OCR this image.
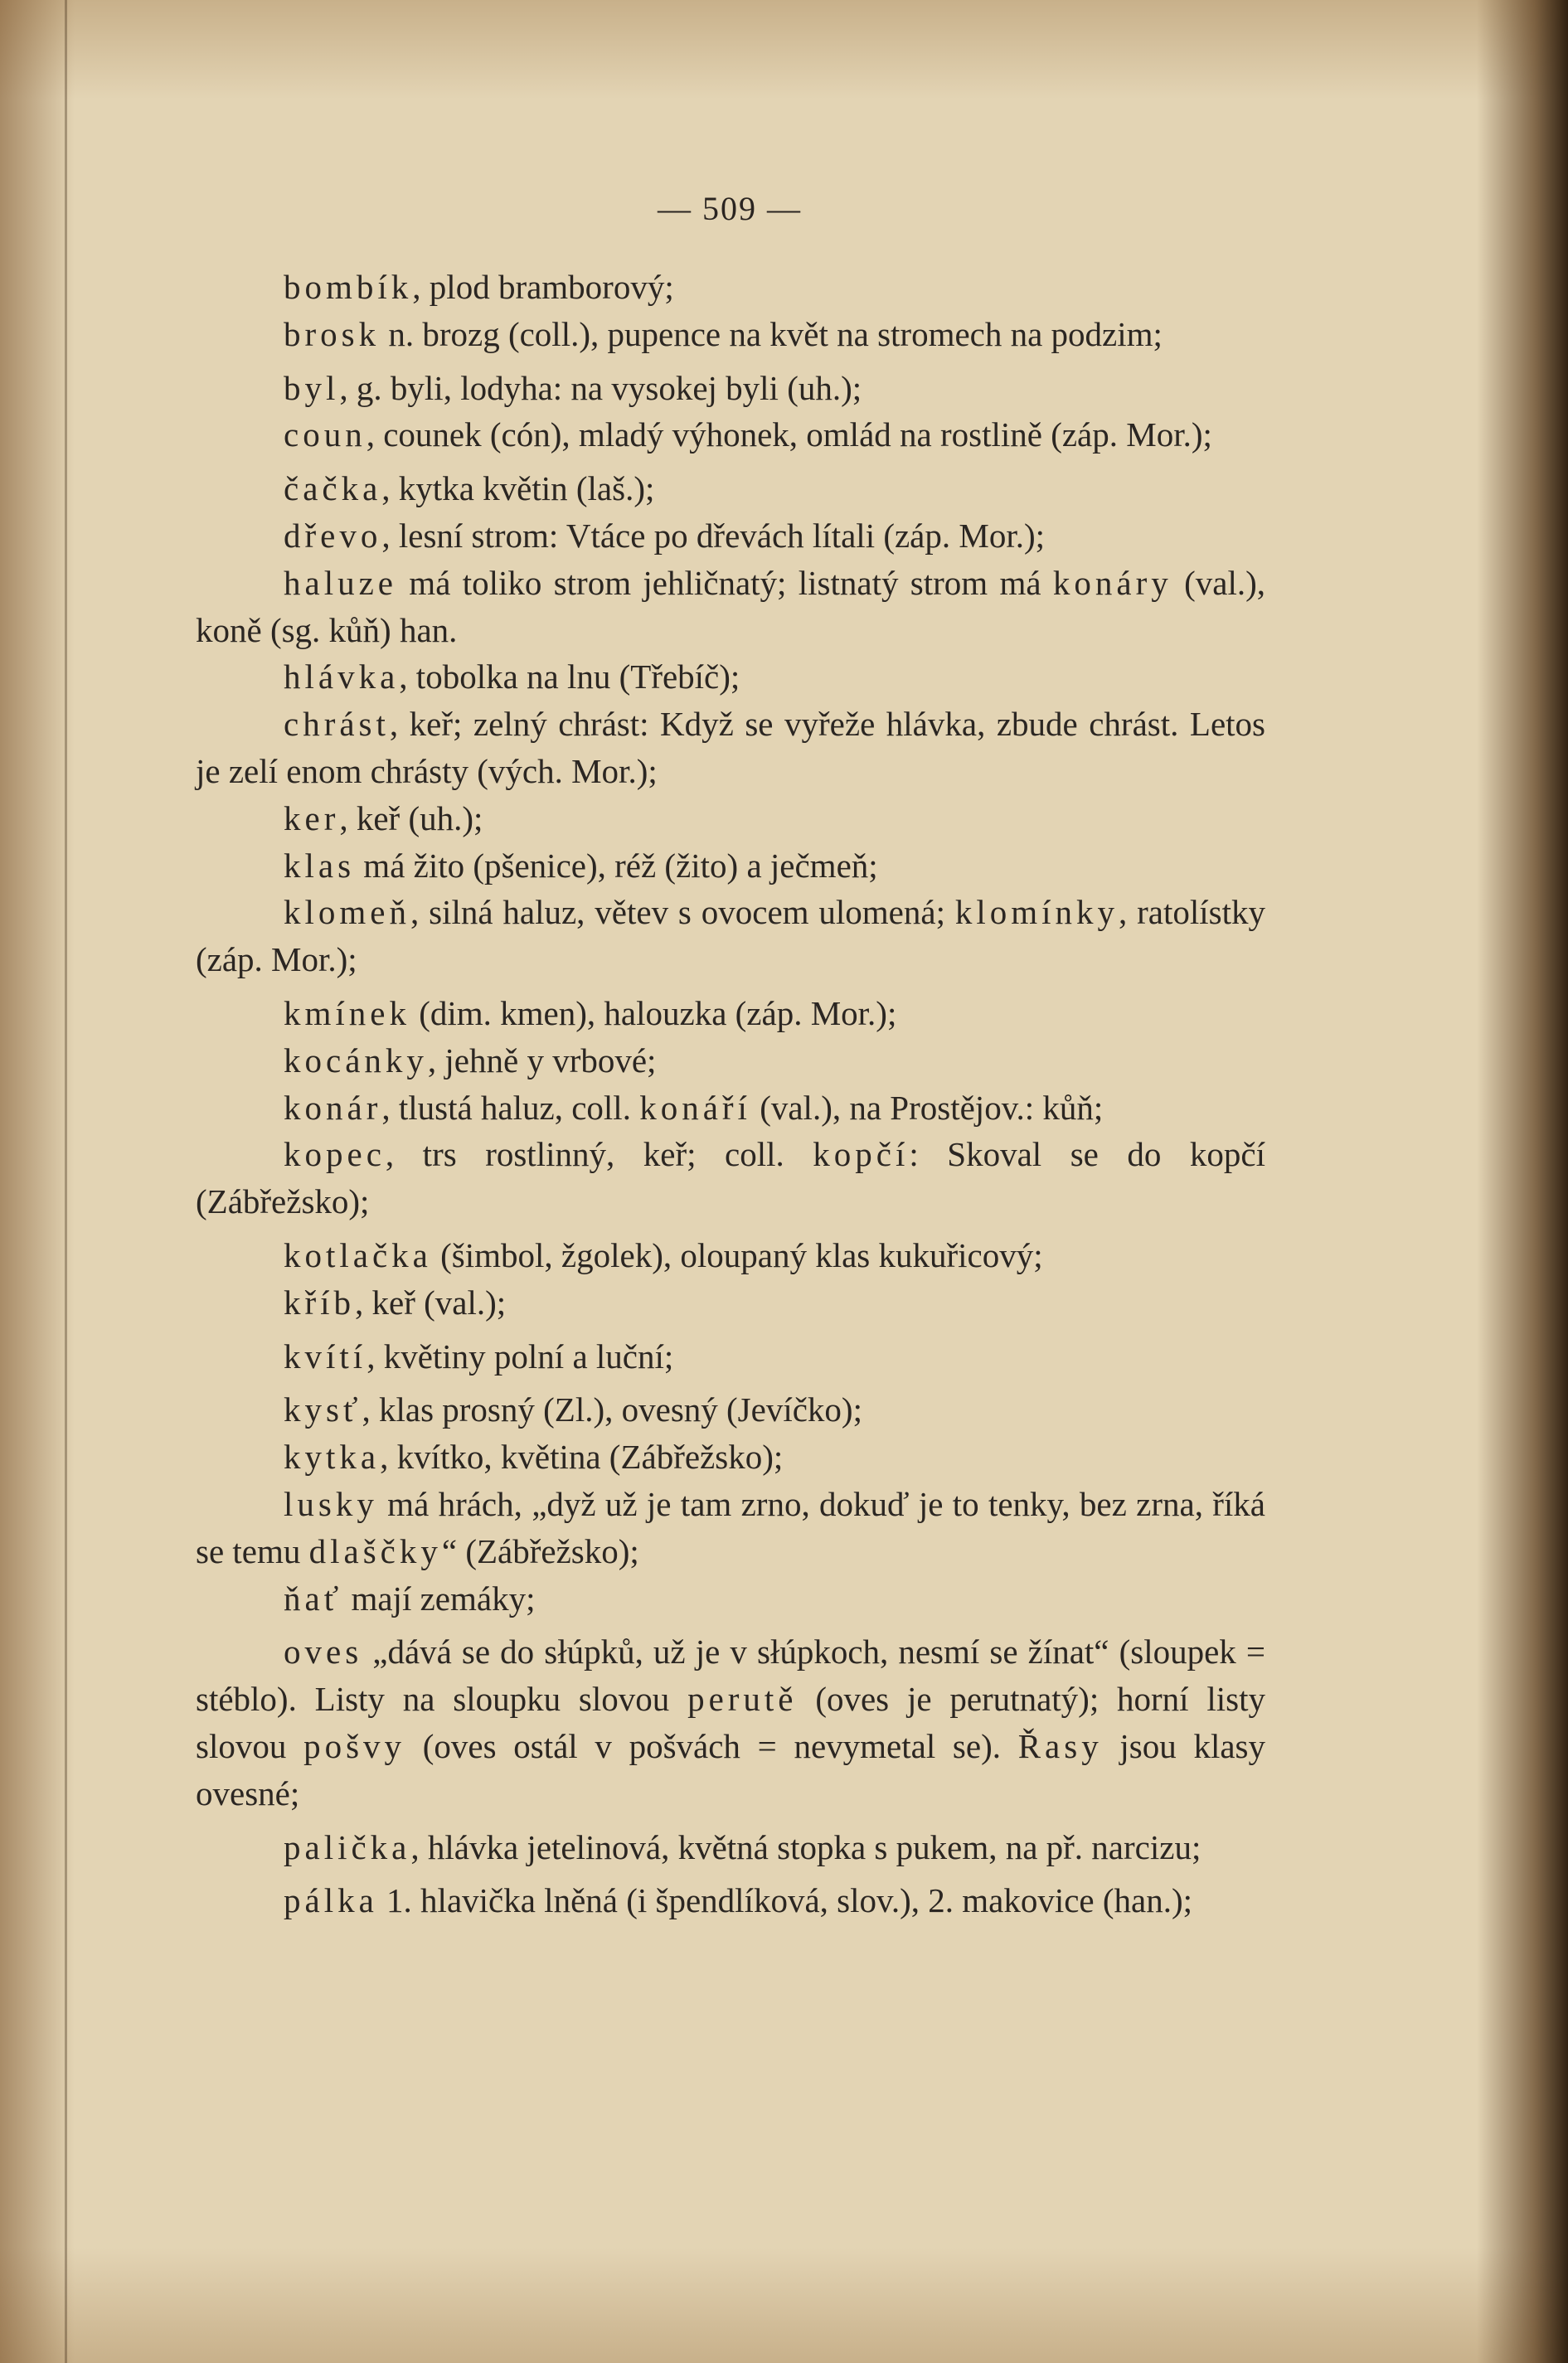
— 509 —

bombík, plod bramborový;

brosk n. brozg (coll.), pupence na květ na stromech na podzim;

byl, g. byli, lodyha: na vysokej byli (uh.);

coun, counek (cón), mladý výhonek, omlád na rostlině (záp. Mor.);

čačka, kytka květin (laš.);

dřevo, lesní strom: Vtáce po dřevách lítali (záp. Mor.);

haluze má toliko strom jehličnatý; listnatý strom má konáry (val.), koně (sg. kůň) han.

hlávka, tobolka na lnu (Třebíč);

chrást, keř; zelný chrást: Když se vyřeže hlávka, zbude chrást. Letos je zelí enom chrásty (vých. Mor.);

ker, keř (uh.);

klas má žito (pšenice), réž (žito) a ječmeň;

klomeň, silná haluz, větev s ovocem ulomená; klomínky, ratolístky (záp. Mor.);

kmínek (dim. kmen), halouzka (záp. Mor.);

kocánky, jehně y vrbové;

konár, tlustá haluz, coll. konáří (val.), na Prostějov.: kůň;

kopec, trs rostlinný, keř; coll. kopčí: Skoval se do kopčí (Zábřežsko);

kotlačka (šimbol, žgolek), oloupaný klas kukuřicový;

kříb, keř (val.);

kvítí, květiny polní a luční;

kysť, klas prosný (Zl.), ovesný (Jevíčko);

kytka, kvítko, květina (Zábřežsko);

lusky má hrách, „dyž už je tam zrno, dokuď je to tenky, bez zrna, říká se temu dlaščky“ (Zábřežsko);

ňať mají zemáky;

oves „dává se do słúpků, už je v słúpkoch, nesmí se žínat“ (sloupek = stéblo). Listy na sloupku slovou perutě (oves je perutnatý); horní listy slovou pošvy (oves ostál v pošvách = nevymetal se). Řasy jsou klasy ovesné;

palička, hlávka jetelinová, květná stopka s pukem, na př. narcizu;

pálka 1. hlavička lněná (i špendlíková, slov.), 2. makovice (han.);
